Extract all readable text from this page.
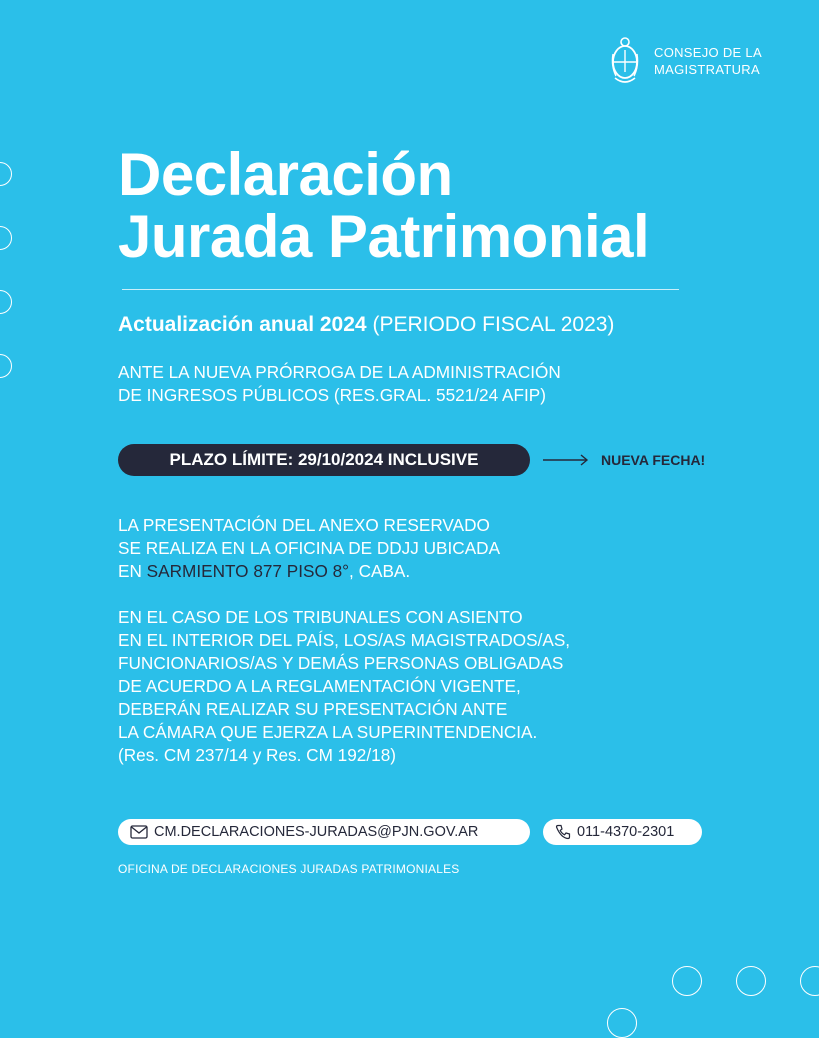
CONSEJO DE LA
MAGISTRATURA
Declaración
Jurada Patrimonial
Actualización anual 2024 (PERIODO FISCAL 2023)
ANTE LA NUEVA PRÓRROGA DE LA ADMINISTRACIÓN
DE INGRESOS PÚBLICOS (RES.GRAL. 5521/24 AFIP)
PLAZO LÍMITE: 29/10/2024 INCLUSIVE	NUEVA FECHA!
LA PRESENTACIÓN DEL ANEXO RESERVADO
SE REALIZA EN LA OFICINA DE DDJJ UBICADA
EN SARMIENTO 877 PISO 8°, CABA.
EN EL CASO DE LOS TRIBUNALES CON ASIENTO
EN EL INTERIOR DEL PAÍS, LOS/AS MAGISTRADOS/AS,
FUNCIONARIOS/AS Y DEMÁS PERSONAS OBLIGADAS
DE ACUERDO A LA REGLAMENTACIÓN VIGENTE,
DEBERÁN REALIZAR SU PRESENTACIÓN ANTE
LA CÁMARA QUE EJERZA LA SUPERINTENDENCIA.
(Res. CM 237/14 y Res. CM 192/18)
CM.DECLARACIONES-JURADAS@PJN.GOV.AR	011-4370-2301
OFICINA DE DECLARACIONES JURADAS PATRIMONIALES
